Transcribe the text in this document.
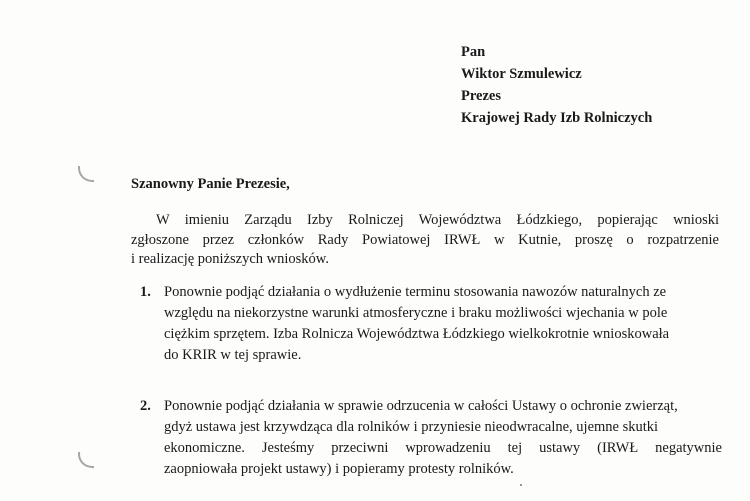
Pan
Wiktor Szmulewicz
Prezes
Krajowej Rady Izb Rolniczych
Szanowny Panie Prezesie,
W imieniu Zarządu Izby Rolniczej Województwa Łódzkiego, popierając wnioski
zgłoszone przez członków Rady Powiatowej IRWŁ w Kutnie, proszę o rozpatrzenie
i realizację poniższych wniosków.
1. Ponownie podjąć działania o wydłużenie terminu stosowania nawozów naturalnych ze
względu na niekorzystne warunki atmosferyczne i braku możliwości wjechania w pole
ciężkim sprzętem. Izba Rolnicza Województwa Łódzkiego wielkokrotnie wnioskowała
do KRIR w tej sprawie.
2. Ponownie podjąć działania w sprawie odrzucenia w całości Ustawy o ochronie zwierząt,
gdyż ustawa jest krzywdząca dla rolników i przyniesie nieodwracalne, ujemne skutki
ekonomiczne. Jesteśmy przeciwni wprowadzeniu tej ustawy (IRWŁ negatywnie
zaopniowała projekt ustawy) i popieramy protesty rolników.
